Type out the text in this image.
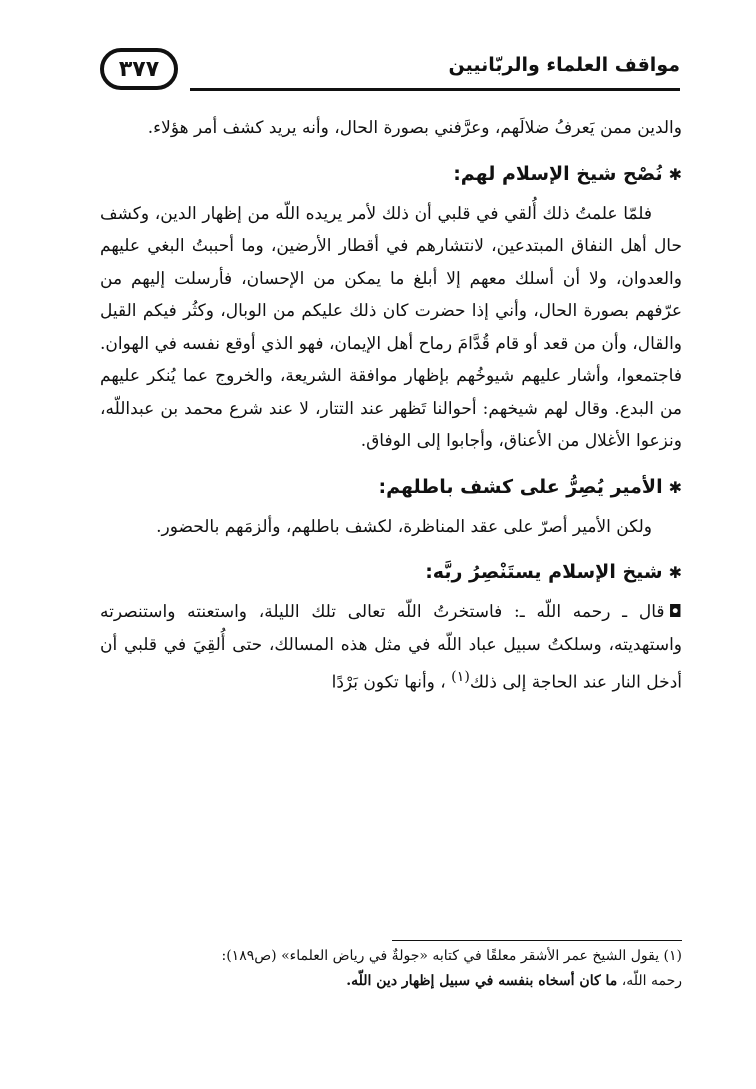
٣٧٧	مواقف العلماء والربّانيين

والدين ممن يَعرفُ ضلالَهم، وعرَّفني بصورة الحال، وأنه يريد كشف أمر هؤلاء.

✱نُصْح شيخ الإسلام لهم:

فلمّا علمتُ ذلك أُلقي في قلبي أن ذلك لأمر يريده اللّه من إظهار الدين، وكشف حال أهل النفاق المبتدعين، لانتشارهم في أقطار الأرضين، وما أحببتُ البغي عليهم والعدوان، ولا أن أسلك معهم إلا أبلغ ما يمكن من الإحسان، فأرسلت إليهم من عرّفهم بصورة الحال، وأني إذا حضرت كان ذلك عليكم من الوبال، وكثُر فيكم القيل والقال، وأن من قعد أو قام قُدَّامَ رماح أهل الإيمان، فهو الذي أوقع نفسه في الهوان. فاجتمعوا، وأشار عليهم شيوخُهم بإظهار موافقة الشريعة، والخروج عما يُنكر عليهم من البدع. وقال لهم شيخهم: أحوالنا تَظهر عند التتار، لا عند شرع محمد بن عبداللّه، ونزعوا الأغلال من الأعناق، وأجابوا إلى الوفاق.

✱الأمير يُصِرُّ على كشف باطلهم:

ولكن الأمير أصرّ على عقد المناظرة، لكشف باطلهم، وألزمَهم بالحضور.

✱شيخ الإسلام يستَنْصِرُ ربَّه:

◘قال ـ رحمه اللّه ـ: فاستخرتُ اللّه تعالى تلك الليلة، واستعنته واستنصرته واستهديته، وسلكتُ سبيل عباد اللّه في مثل هذه المسالك، حتى أُلقِيَ في قلبي أن أدخل النار عند الحاجة إلى ذلك$^{(١)}$ ، وأنها تكون بَرْدًا

(١) يقول الشيخ عمر الأشقر معلقًا في كتابه «جولةٌ في رياض العلماء» (ص١٨٩):

رحمه اللّه، ما كان أسخاه بنفسه في سبيل إظهار دين اللّه.
